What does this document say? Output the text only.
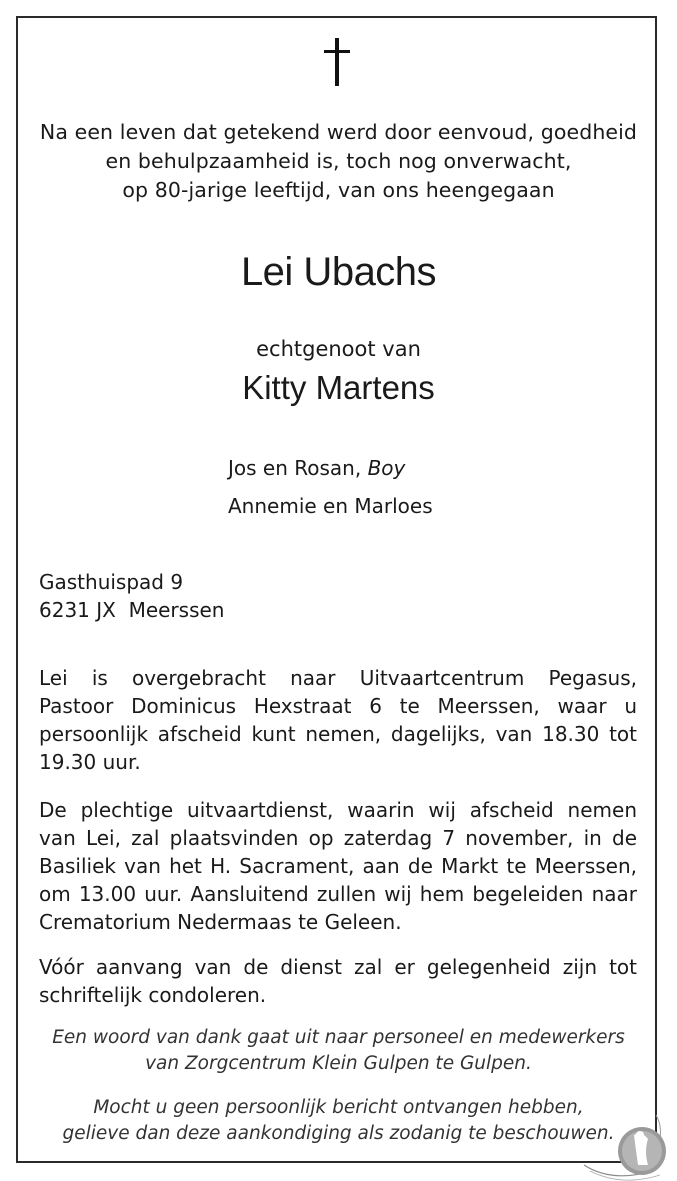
Na een leven dat getekend werd door eenvoud, goedheid
en behulpzaamheid is, toch nog onverwacht,
op 80-jarige leeftijd, van ons heengegaan
Lei Ubachs
echtgenoot van
Kitty Martens
Jos en Rosan, Boy
Annemie en Marloes
Gasthuispad 9
6231 JX  Meerssen
Lei is overgebracht naar Uitvaartcentrum Pegasus,
Pastoor Dominicus Hexstraat 6 te Meerssen, waar u
persoonlijk afscheid kunt nemen, dagelijks, van 18.30 tot
19.30 uur.
De plechtige uitvaartdienst, waarin wij afscheid nemen
van Lei, zal plaatsvinden op zaterdag 7 november, in de
Basiliek van het H. Sacrament, aan de Markt te Meerssen,
om 13.00 uur. Aansluitend zullen wij hem begeleiden naar
Crematorium Nedermaas te Geleen.
Vóór aanvang van de dienst zal er gelegenheid zijn tot
schriftelijk condoleren.
Een woord van dank gaat uit naar personeel en medewerkers
van Zorgcentrum Klein Gulpen te Gulpen.
Mocht u geen persoonlijk bericht ontvangen hebben,
gelieve dan deze aankondiging als zodanig te beschouwen.
